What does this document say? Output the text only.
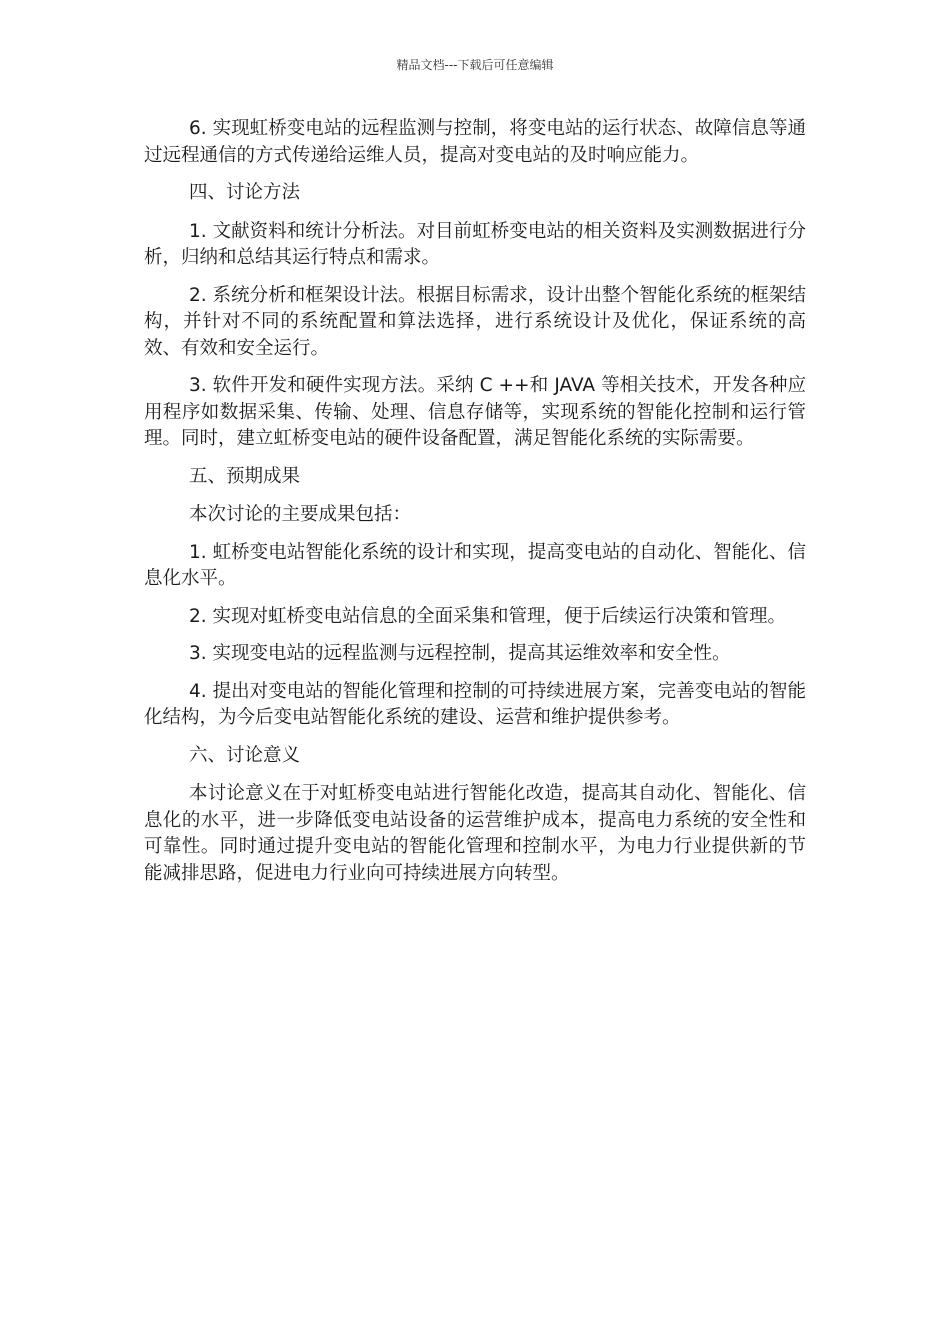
精品文档---下载后可任意编辑

6. 实现虹桥变电站的远程监测与控制，将变电站的运行状态、故障信息等通过远程通信的方式传递给运维人员，提高对变电站的及时响应能力。

四、讨论方法

1. 文献资料和统计分析法。对目前虹桥变电站的相关资料及实测数据进行分析，归纳和总结其运行特点和需求。

2. 系统分析和框架设计法。根据目标需求，设计出整个智能化系统的框架结构，并针对不同的系统配置和算法选择，进行系统设计及优化，保证系统的高效、有效和安全运行。

3. 软件开发和硬件实现方法。采纳 C ++和 JAVA 等相关技术，开发各种应用程序如数据采集、传输、处理、信息存储等，实现系统的智能化控制和运行管理。同时，建立虹桥变电站的硬件设备配置，满足智能化系统的实际需要。

五、预期成果

本次讨论的主要成果包括：

1. 虹桥变电站智能化系统的设计和实现，提高变电站的自动化、智能化、信息化水平。

2. 实现对虹桥变电站信息的全面采集和管理，便于后续运行决策和管理。

3. 实现变电站的远程监测与远程控制，提高其运维效率和安全性。

4. 提出对变电站的智能化管理和控制的可持续进展方案，完善变电站的智能化结构，为今后变电站智能化系统的建设、运营和维护提供参考。

六、讨论意义

本讨论意义在于对虹桥变电站进行智能化改造，提高其自动化、智能化、信息化的水平，进一步降低变电站设备的运营维护成本，提高电力系统的安全性和可靠性。同时通过提升变电站的智能化管理和控制水平，为电力行业提供新的节能减排思路，促进电力行业向可持续进展方向转型。
